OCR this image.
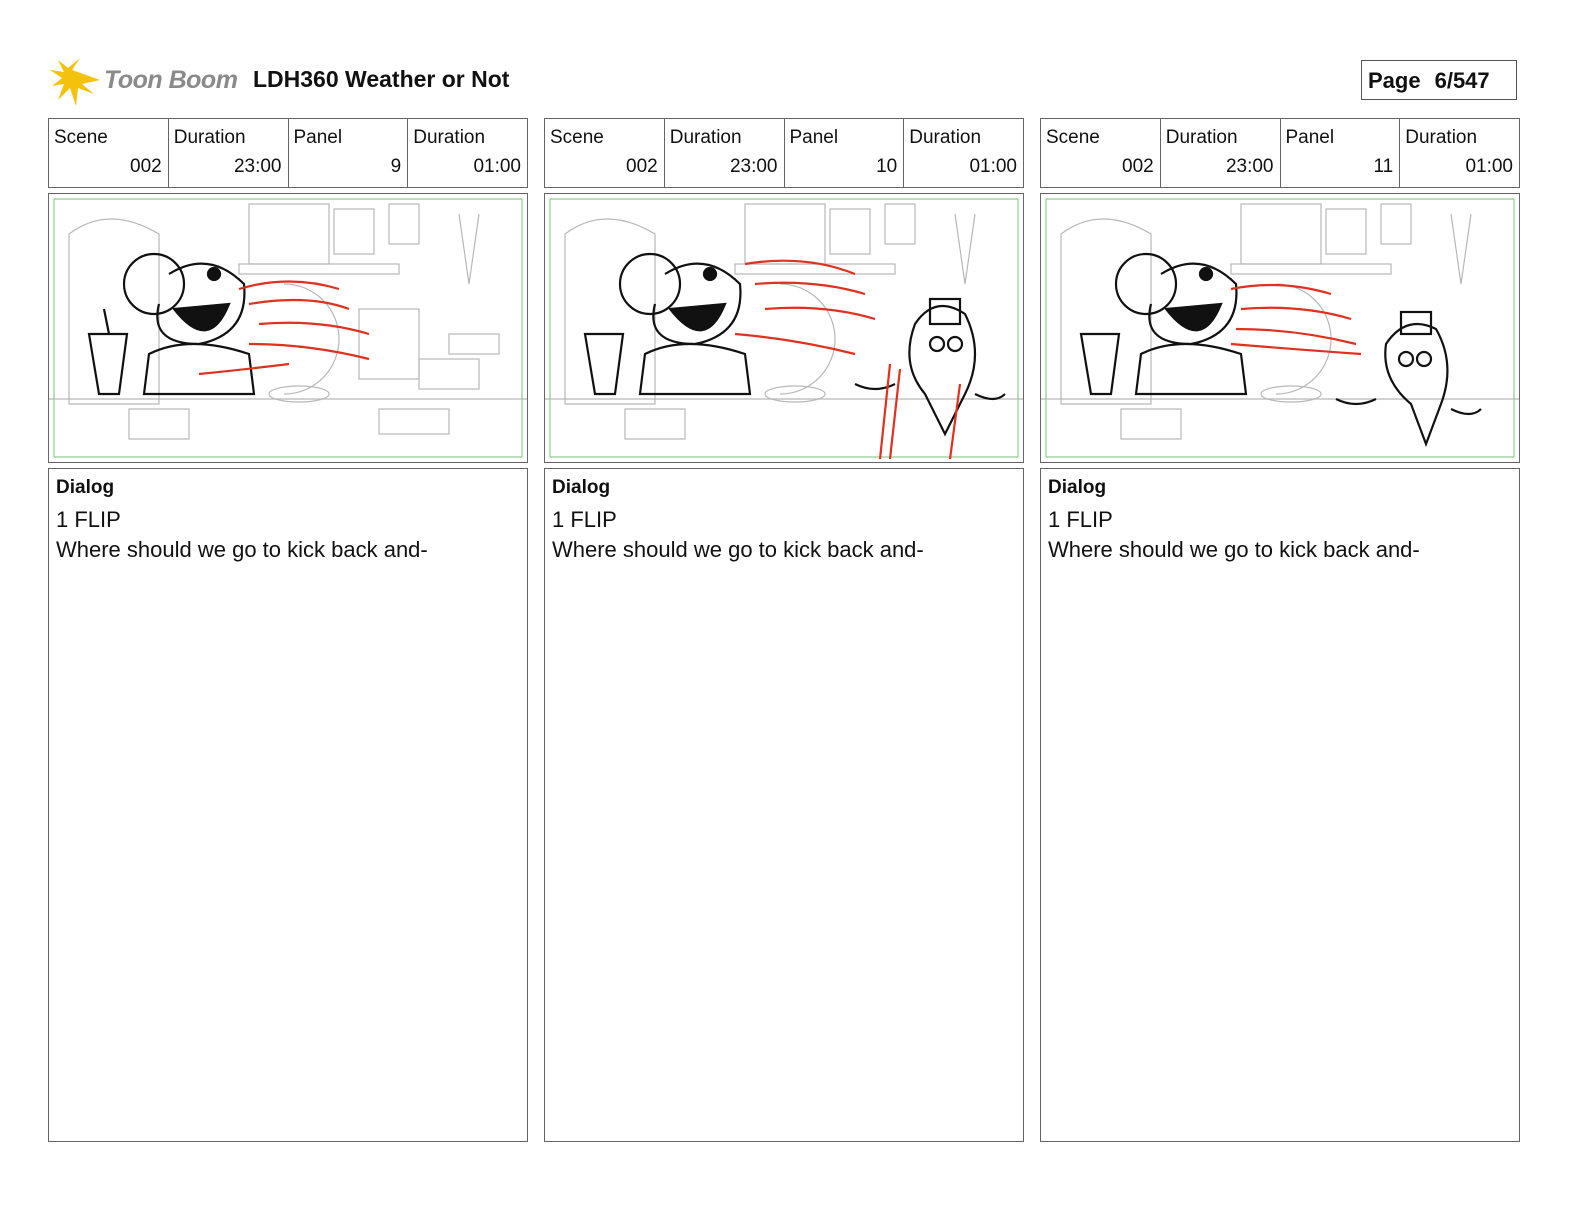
Toon Boom LDH360 Weather or Not	Page 6/547
Scene
002
Duration
23:00
Panel
9
Duration
01:00
Dialog
1 FLIP
Where should we go to kick back and-
Scene
002
Duration
23:00
Panel
10
Duration
01:00
Dialog
1 FLIP
Where should we go to kick back and-
Scene
002
Duration
23:00
Panel
11
Duration
01:00
Dialog
1 FLIP
Where should we go to kick back and-
